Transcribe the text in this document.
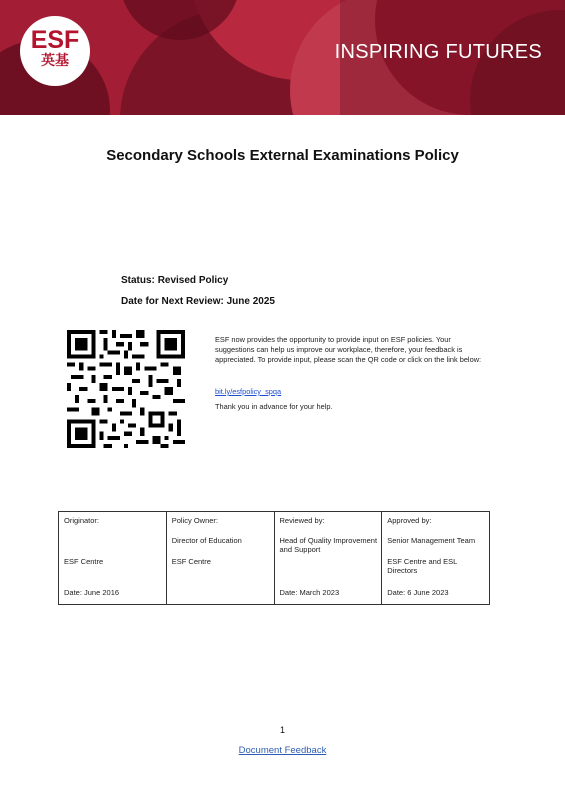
ESF
英基	INSPIRING FUTURES
Secondary Schools External Examinations Policy
Status: Revised Policy
Date for Next Review: June 2025
ESF now provides the opportunity to provide input on ESF policies. Your suggestions can help us improve our workplace, therefore, your feedback is appreciated. To provide input, please scan the QR code or click on the link below:
bit.ly/esfpolicy_spqa
Thank you in advance for your help.
Originator:
ESF Centre
Date: June 2016

Policy Owner:
Director of Education
ESF Centre

Reviewed by:
Head of Quality Improvement and Support
Date: March 2023

Approved by:
Senior Management Team
ESF Centre and ESL Directors
Date: 6 June 2023
1
Document Feedback
